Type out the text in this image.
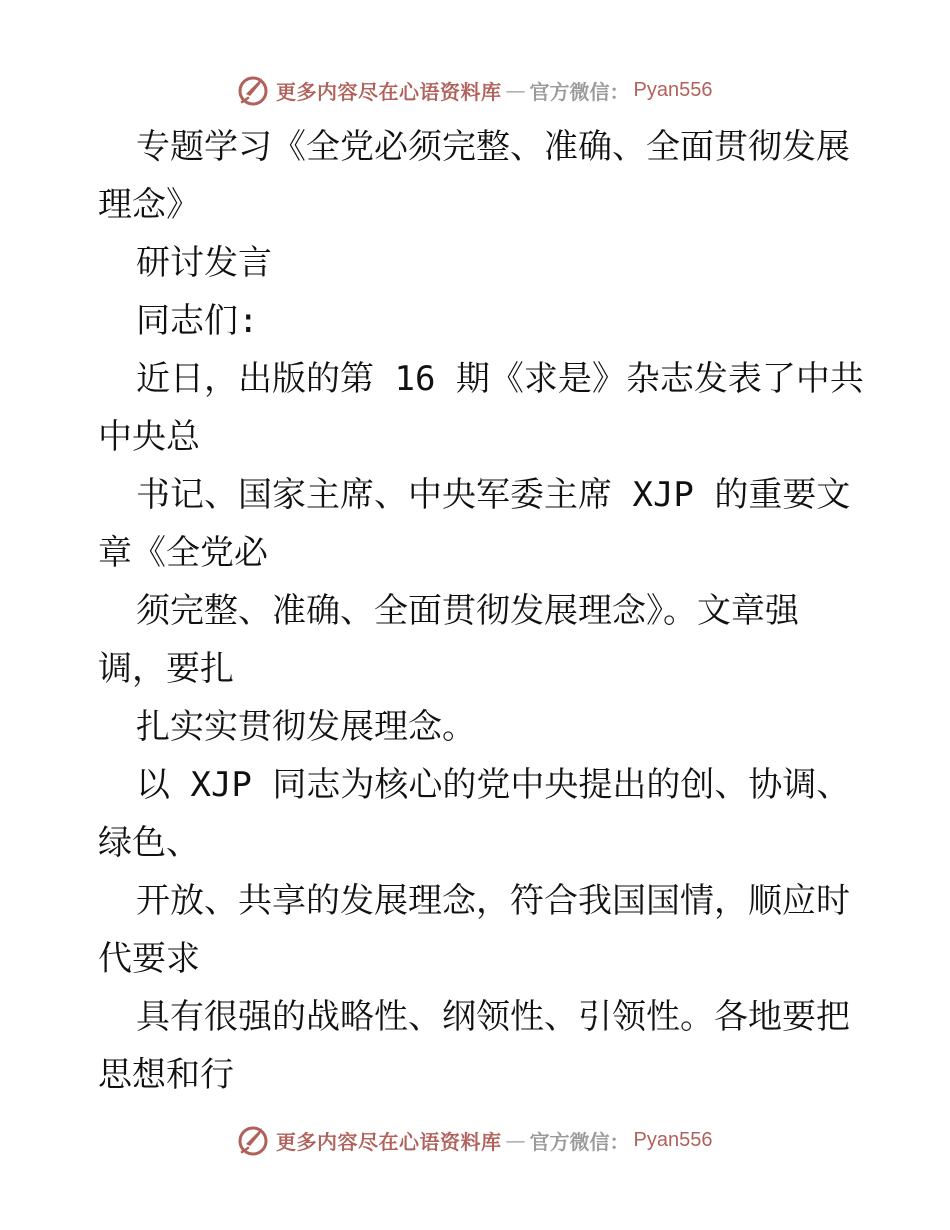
更多内容尽在心语资料库 — 官方微信： Pyan556
专题学习《全党必须完整、准确、全面贯彻发展
理念》
研讨发言
同志们:
近日，出版的第 16 期《求是》杂志发表了中共
中央总
书记、国家主席、中央军委主席 XJP 的重要文
章《全党必
须完整、准确、全面贯彻发展理念》。文章强
调，要扎
扎实实贯彻发展理念。
以 XJP 同志为核心的党中央提出的创、协调、
绿色、
开放、共享的发展理念，符合我国国情，顺应时
代要求
具有很强的战略性、纲领性、引领性。各地要把
思想和行
更多内容尽在心语资料库 — 官方微信： Pyan556
